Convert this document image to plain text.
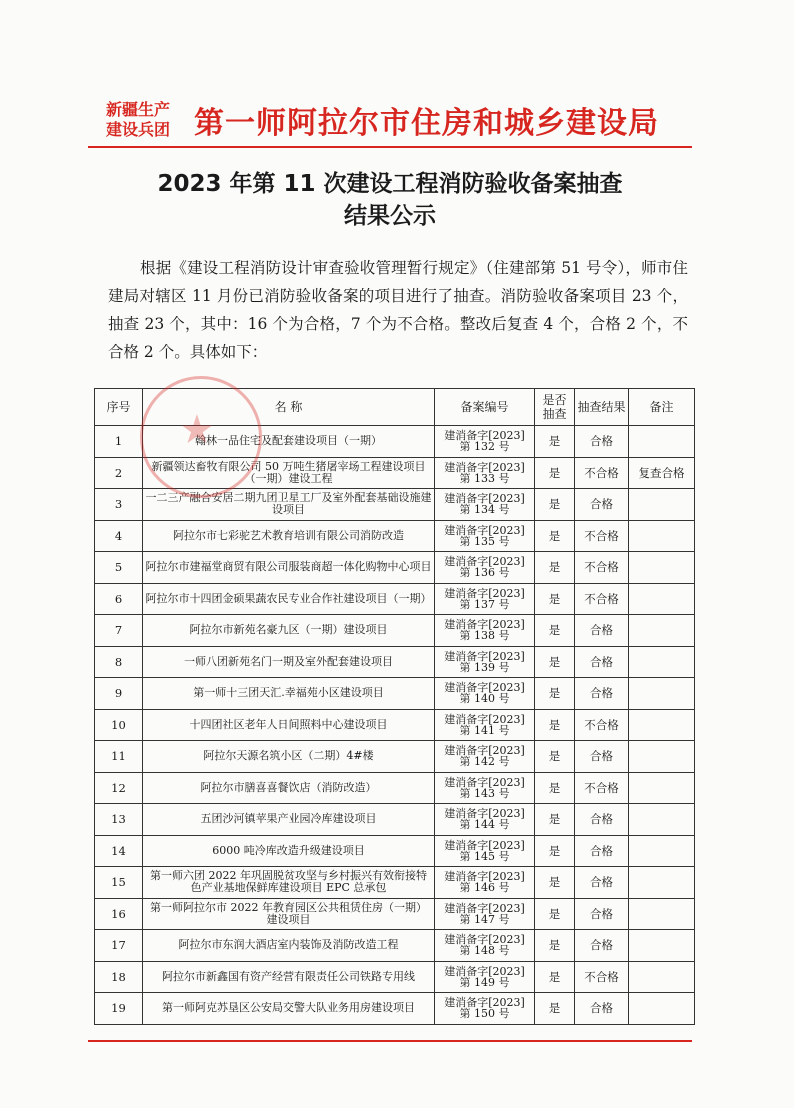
新疆生产
建设兵团 第一师阿拉尔市住房和城乡建设局
2023 年第 11 次建设工程消防验收备案抽查
结果公示
根据《建设工程消防设计审查验收管理暂行规定》（住建部第 51 号令），师市住建局对辖区 11 月份已消防验收备案的项目进行了抽查。消防验收备案项目 23 个，抽查 23 个，其中：16 个为合格，7 个为不合格。整改后复查 4 个，合格 2 个，不合格 2 个。具体如下：
序号	名 称	备案编号	是否抽查	抽查结果	备注
1	翰林一品住宅及配套建设项目（一期）	建消备字[2023]
第 132 号	是	合格	
2	新疆领达畜牧有限公司 50 万吨生猪屠宰场工程建设项目（一期）建设工程	建消备字[2023]
第 133 号	是	不合格	复查合格
3	一二三产融合安居二期九团卫星工厂及室外配套基础设施建设项目	建消备字[2023]
第 134 号	是	合格	
4	阿拉尔市七彩驼艺术教育培训有限公司消防改造	建消备字[2023]
第 135 号	是	不合格	
5	阿拉尔市建福堂商贸有限公司服装商超一体化购物中心项目	建消备字[2023]
第 136 号	是	不合格	
6	阿拉尔市十四团金硕果蔬农民专业合作社建设项目（一期）	建消备字[2023]
第 137 号	是	不合格	
7	阿拉尔市新苑名豪九区（一期）建设项目	建消备字[2023]
第 138 号	是	合格	
8	一师八团新苑名门一期及室外配套建设项目	建消备字[2023]
第 139 号	是	合格	
9	第一师十三团天汇.幸福苑小区建设项目	建消备字[2023]
第 140 号	是	合格	
10	十四团社区老年人日间照料中心建设项目	建消备字[2023]
第 141 号	是	不合格	
11	阿拉尔天源名筑小区（二期）4#楼	建消备字[2023]
第 142 号	是	合格	
12	阿拉尔市膳喜喜餐饮店（消防改造）	建消备字[2023]
第 143 号	是	不合格	
13	五团沙河镇苹果产业园冷库建设项目	建消备字[2023]
第 144 号	是	合格	
14	6000 吨冷库改造升级建设项目	建消备字[2023]
第 145 号	是	合格	
15	第一师六团 2022 年巩固脱贫攻坚与乡村振兴有效衔接特色产业基地保鲜库建设项目 EPC 总承包	建消备字[2023]
第 146 号	是	合格	
16	第一师阿拉尔市 2022 年教育园区公共租赁住房（一期）建设项目	建消备字[2023]
第 147 号	是	合格	
17	阿拉尔市东润大酒店室内装饰及消防改造工程	建消备字[2023]
第 148 号	是	合格	
18	阿拉尔市新鑫国有资产经营有限责任公司铁路专用线	建消备字[2023]
第 149 号	是	不合格	
19	第一师阿克苏垦区公安局交警大队业务用房建设项目	建消备字[2023]
第 150 号	是	合格	
★
